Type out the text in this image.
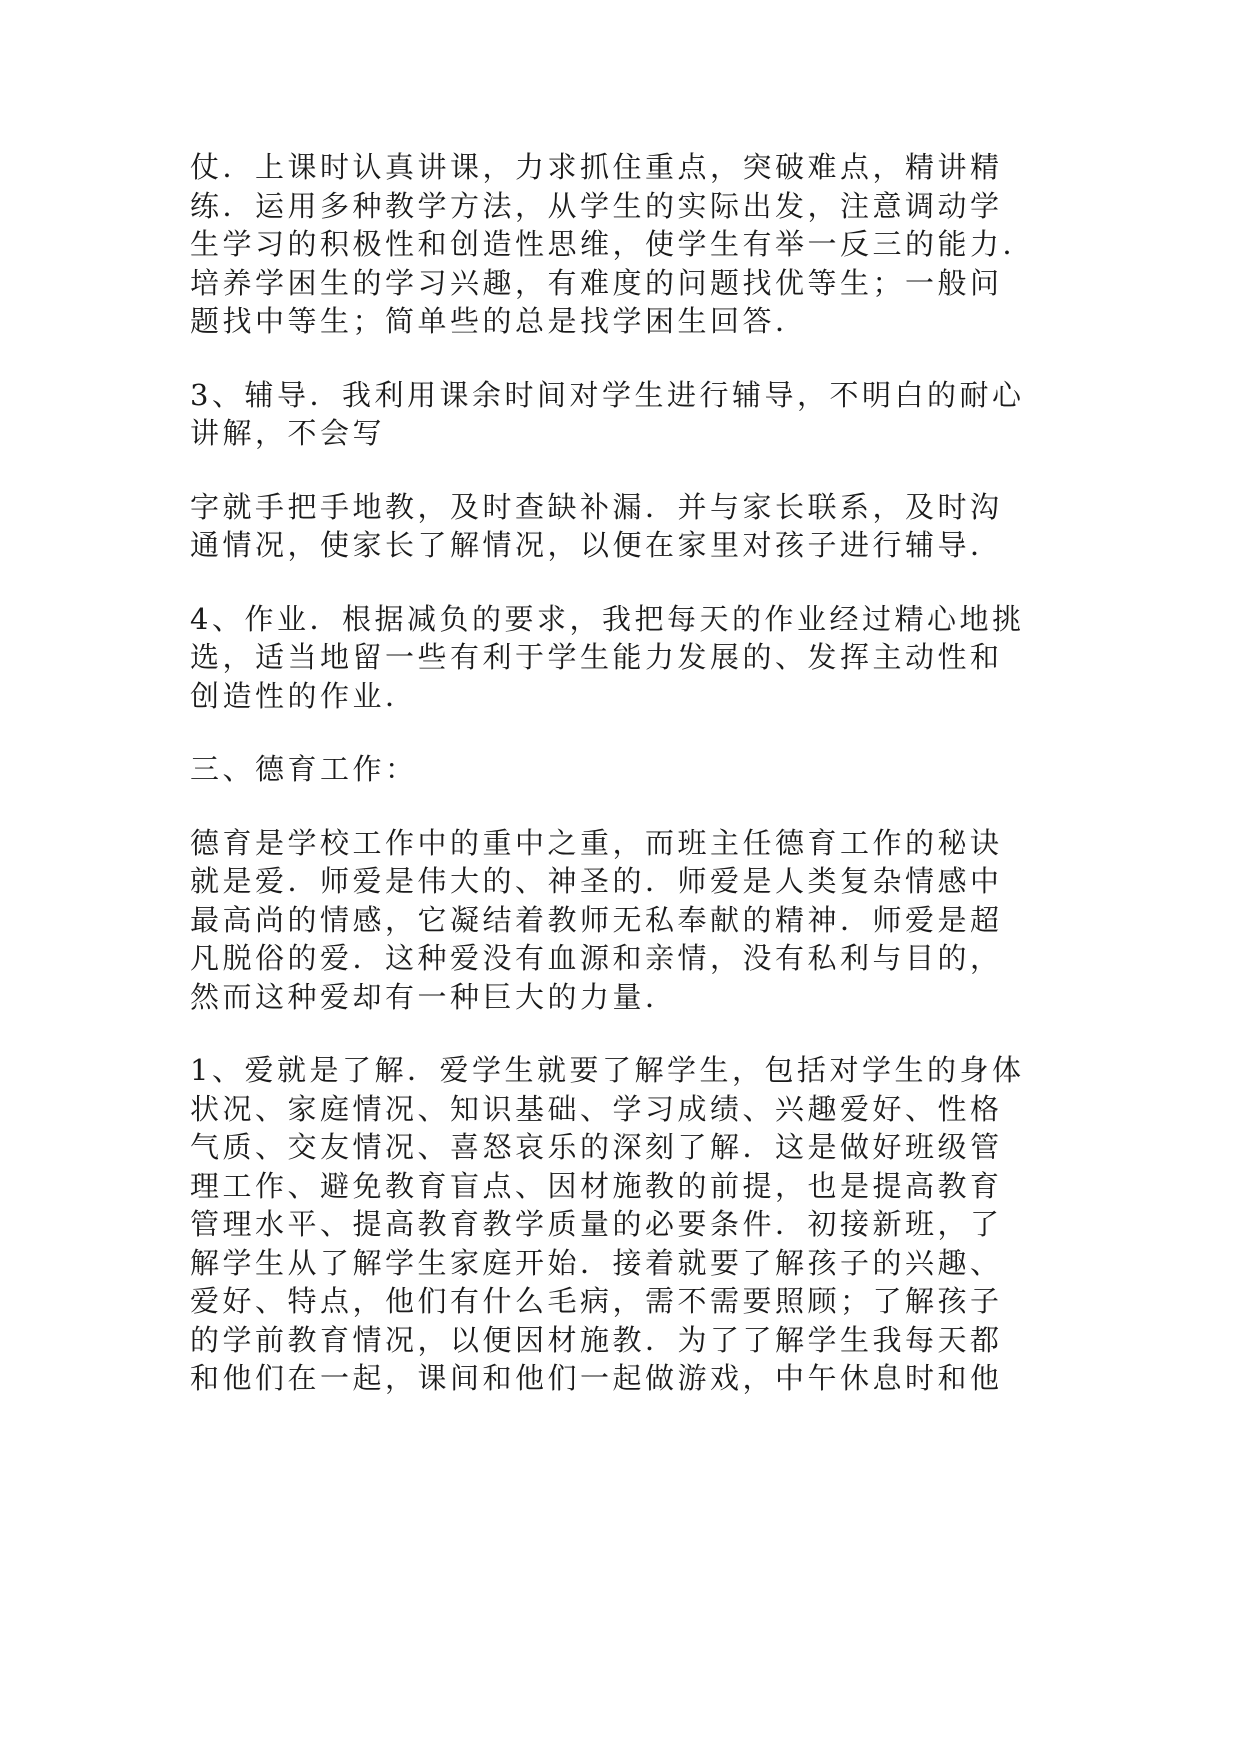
仗．上课时认真讲课，力求抓住重点，突破难点，精讲精
练．运用多种教学方法，从学生的实际出发，注意调动学
生学习的积极性和创造性思维，使学生有举一反三的能力．
培养学困生的学习兴趣，有难度的问题找优等生；一般问
题找中等生；简单些的总是找学困生回答．
3、辅导．我利用课余时间对学生进行辅导，不明白的耐心
讲解，不会写
字就手把手地教，及时查缺补漏．并与家长联系，及时沟
通情况，使家长了解情况，以便在家里对孩子进行辅导．
4、作业．根据减负的要求，我把每天的作业经过精心地挑
选，适当地留一些有利于学生能力发展的、发挥主动性和
创造性的作业．
三、德育工作：
德育是学校工作中的重中之重，而班主任德育工作的秘诀
就是爱．师爱是伟大的、神圣的．师爱是人类复杂情感中
最高尚的情感，它凝结着教师无私奉献的精神．师爱是超
凡脱俗的爱．这种爱没有血源和亲情，没有私利与目的，
然而这种爱却有一种巨大的力量．
1、爱就是了解．爱学生就要了解学生，包括对学生的身体
状况、家庭情况、知识基础、学习成绩、兴趣爱好、性格
气质、交友情况、喜怒哀乐的深刻了解．这是做好班级管
理工作、避免教育盲点、因材施教的前提，也是提高教育
管理水平、提高教育教学质量的必要条件．初接新班，了
解学生从了解学生家庭开始．接着就要了解孩子的兴趣、
爱好、特点，他们有什么毛病，需不需要照顾；了解孩子
的学前教育情况，以便因材施教．为了了解学生我每天都
和他们在一起，课间和他们一起做游戏，中午休息时和他
